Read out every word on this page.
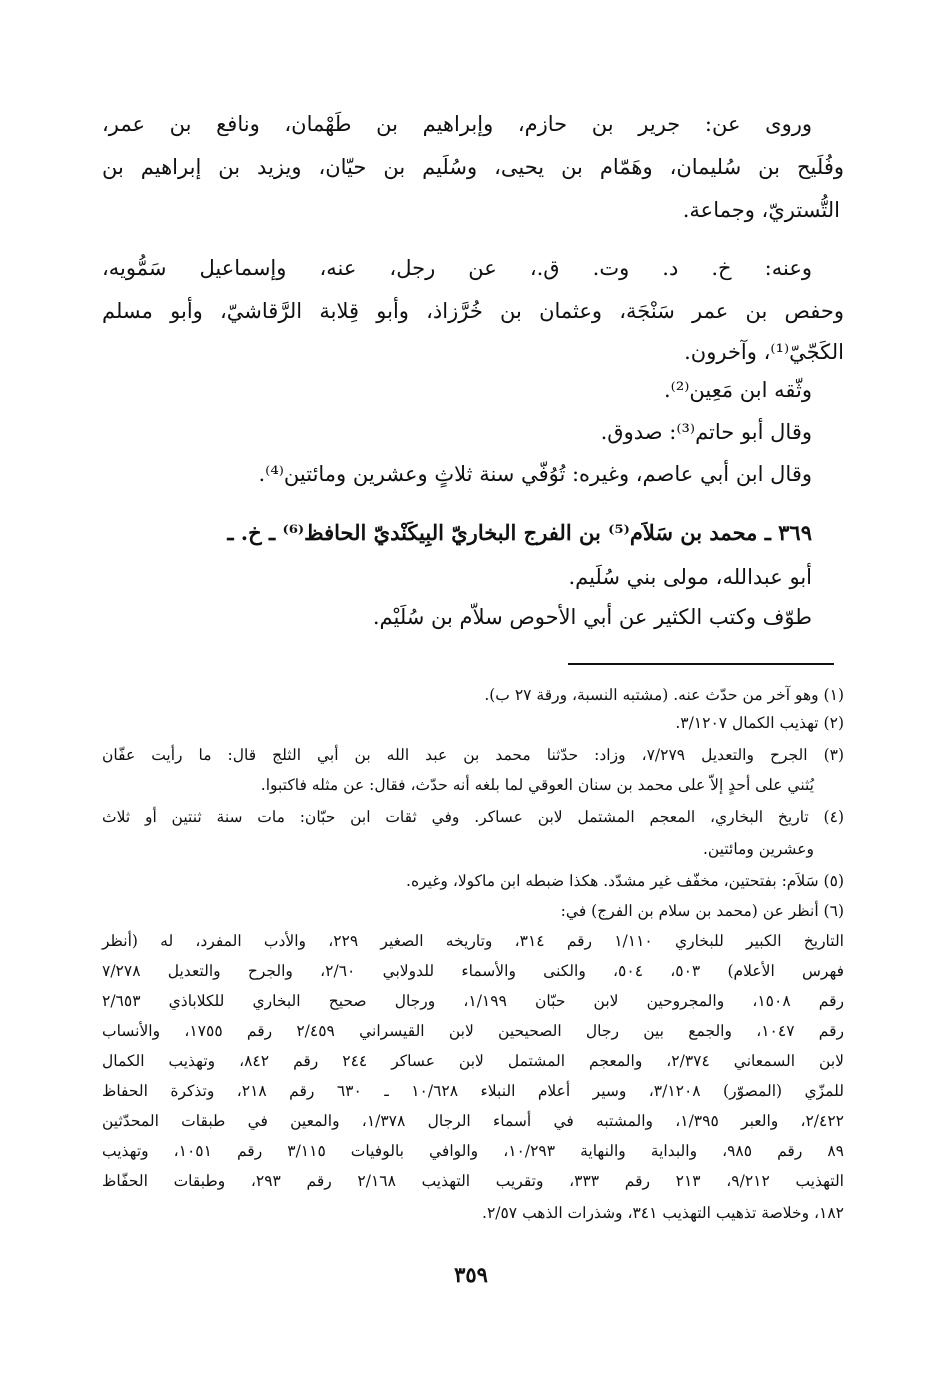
وروى عن: جرير بن حازم، وإبراهيم بن طَهْمان، ونافع بن عمر،
وفُلَيح بن سُليمان، وهَمّام بن يحيى، وسُلَيم بن حيّان، ويزيد بن إبراهيم بن
التُّستريّ، وجماعة.
وعنه: خ. د. وت. ق.، عن رجل، عنه، وإسماعيل سَمُّويه،
وحفص بن عمر سَنْجَة، وعثمان بن خُرَّزاذ، وأبو قِلابة الرَّقاشيّ، وأبو مسلم
الكَجّيّ⁽¹⁾، وآخرون.
وثّقه ابن مَعِين⁽²⁾.
وقال أبو حاتم⁽³⁾: صدوق.
وقال ابن أبي عاصم، وغيره: تُوُفّي سنة ثلاثٍ وعشرين ومائتين⁽⁴⁾.
٣٦٩ ـ محمد بن سَلاَم⁽⁵⁾ بن الفرج البخاريّ البِيكَنْديّ الحافظ⁽⁶⁾ ـ خ. ـ
أبو عبدالله، مولى بني سُلَيم.
طوّف وكتب الكثير عن أبي الأحوص سلاّم بن سُلَيْم.
(١) وهو آخر من حدّث عنه. (مشتبه النسبة، ورقة ٢٧ ب).
(٢) تهذيب الكمال ٣/١٢٠٧.
(٣) الجرح والتعديل ٧/٢٧٩، وزاد: حدّثنا محمد بن عبد الله بن أبي الثلج قال: ما رأيت عفّان
يُثني على أحدٍ إلاّ على محمد بن سنان العوقي لما بلغه أنه حدّث، فقال: عن مثله فاكتبوا.
(٤) تاريخ البخاري، المعجم المشتمل لابن عساكر. وفي ثقات ابن حبّان: مات سنة ثنتين أو ثلاث
وعشرين ومائتين.
(٥) سَلاَم: بفتحتين، مخفّف غير مشدّد. هكذا ضبطه ابن ماكولا، وغيره.
(٦) أنظر عن (محمد بن سلام بن الفرج) في:
التاريخ الكبير للبخاري ١/١١٠ رقم ٣١٤، وتاريخه الصغير ٢٢٩، والأدب المفرد، له (أنظر
فهرس الأعلام) ٥٠٣، ٥٠٤، والكنى والأسماء للدولابي ٢/٦٠، والجرح والتعديل ٧/٢٧٨
رقم ١٥٠٨، والمجروحين لابن حبّان ١/١٩٩، ورجال صحيح البخاري للكلاباذي ٢/٦٥٣
رقم ١٠٤٧، والجمع بين رجال الصحيحين لابن القيسراني ٢/٤٥٩ رقم ١٧٥٥، والأنساب
لابن السمعاني ٢/٣٧٤، والمعجم المشتمل لابن عساكر ٢٤٤ رقم ٨٤٢، وتهذيب الكمال
للمزّي (المصوّر) ٣/١٢٠٨، وسير أعلام النبلاء ١٠/٦٢٨ ـ ٦٣٠ رقم ٢١٨، وتذكرة الحفاظ
٢/٤٢٢، والعبر ١/٣٩٥، والمشتبه في أسماء الرجال ١/٣٧٨، والمعين في طبقات المحدّثين
٨٩ رقم ٩٨٥، والبداية والنهاية ١٠/٢٩٣، والوافي بالوفيات ٣/١١٥ رقم ١٠٥١، وتهذيب
التهذيب ٩/٢١٢، ٢١٣ رقم ٣٣٣، وتقريب التهذيب ٢/١٦٨ رقم ٢٩٣، وطبقات الحفّاظ
١٨٢، وخلاصة تذهيب التهذيب ٣٤١، وشذرات الذهب ٢/٥٧.
٣٥٩
